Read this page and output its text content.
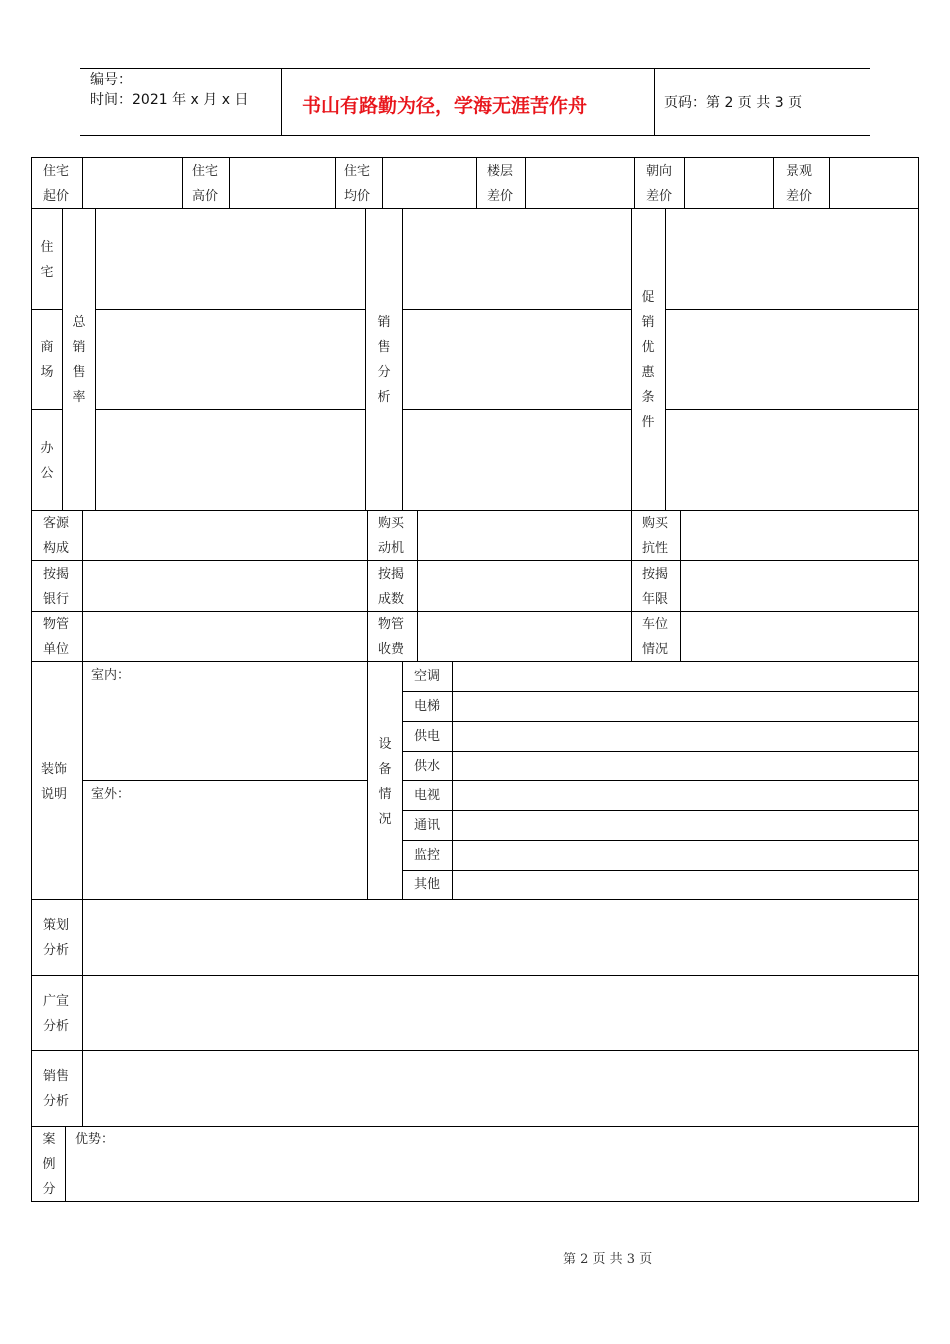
编号：
时间：2021 年 x 月 x 日	书山有路勤为径，学海无涯苦作舟	页码：第 2 页 共 3 页
住宅
起价
住宅
高价
住宅
均价
楼层
差价
朝向
差价
景观
差价
住
宅
商
场
办
公
总
销
售
率
销
售
分
析
促
销
优
惠
条
件
客源
构成
购买
动机
购买
抗性
按揭
银行
按揭
成数
按揭
年限
物管
单位
物管
收费
车位
情况
装饰
说明
室内：
室外：
设
备
情
况
空调
电梯
供电
供水
电视
通讯
监控
其他
策划
分析
广宣
分析
销售
分析
案
例
分
优势：
第 2 页 共 3 页
